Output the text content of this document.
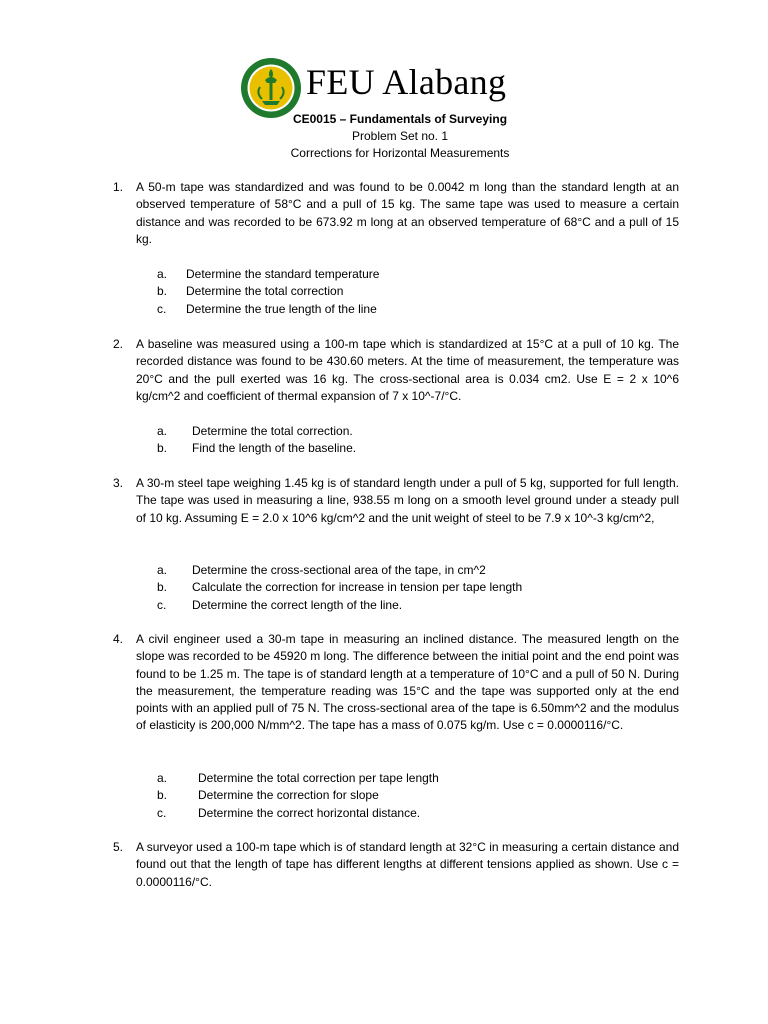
FEU Alabang
CE0015 – Fundamentals of Surveying
Problem Set no. 1
Corrections for Horizontal Measurements
1. A 50-m tape was standardized and was found to be 0.0042 m long than the standard length at an observed temperature of 58°C and a pull of 15 kg. The same tape was used to measure a certain distance and was recorded to be 673.92 m long at an observed temperature of 68°C and a pull of 15 kg.
a. Determine the standard temperature
b. Determine the total correction
c. Determine the true length of the line
2. A baseline was measured using a 100-m tape which is standardized at 15°C at a pull of 10 kg. The recorded distance was found to be 430.60 meters. At the time of measurement, the temperature was 20°C and the pull exerted was 16 kg. The cross-sectional area is 0.034 cm2. Use E = 2 x 10^6 kg/cm^2 and coefficient of thermal expansion of 7 x 10^-7/°C.
a. Determine the total correction.
b. Find the length of the baseline.
3. A 30-m steel tape weighing 1.45 kg is of standard length under a pull of 5 kg, supported for full length. The tape was used in measuring a line, 938.55 m long on a smooth level ground under a steady pull of 10 kg. Assuming E = 2.0 x 10^6 kg/cm^2 and the unit weight of steel to be 7.9 x 10^-3 kg/cm^2,
a. Determine the cross-sectional area of the tape, in cm^2
b. Calculate the correction for increase in tension per tape length
c. Determine the correct length of the line.
4. A civil engineer used a 30-m tape in measuring an inclined distance. The measured length on the slope was recorded to be 45920 m long. The difference between the initial point and the end point was found to be 1.25 m. The tape is of standard length at a temperature of 10°C and a pull of 50 N. During the measurement, the temperature reading was 15°C and the tape was supported only at the end points with an applied pull of 75 N. The cross-sectional area of the tape is 6.50mm^2 and the modulus of elasticity is 200,000 N/mm^2. The tape has a mass of 0.075 kg/m. Use c = 0.0000116/°C.
a.	Determine the total correction per tape length
b.	Determine the correction for slope
c.	Determine the correct horizontal distance.
5. A surveyor used a 100-m tape which is of standard length at 32°C in measuring a certain distance and found out that the length of tape has different lengths at different tensions applied as shown. Use c = 0.0000116/°C.
